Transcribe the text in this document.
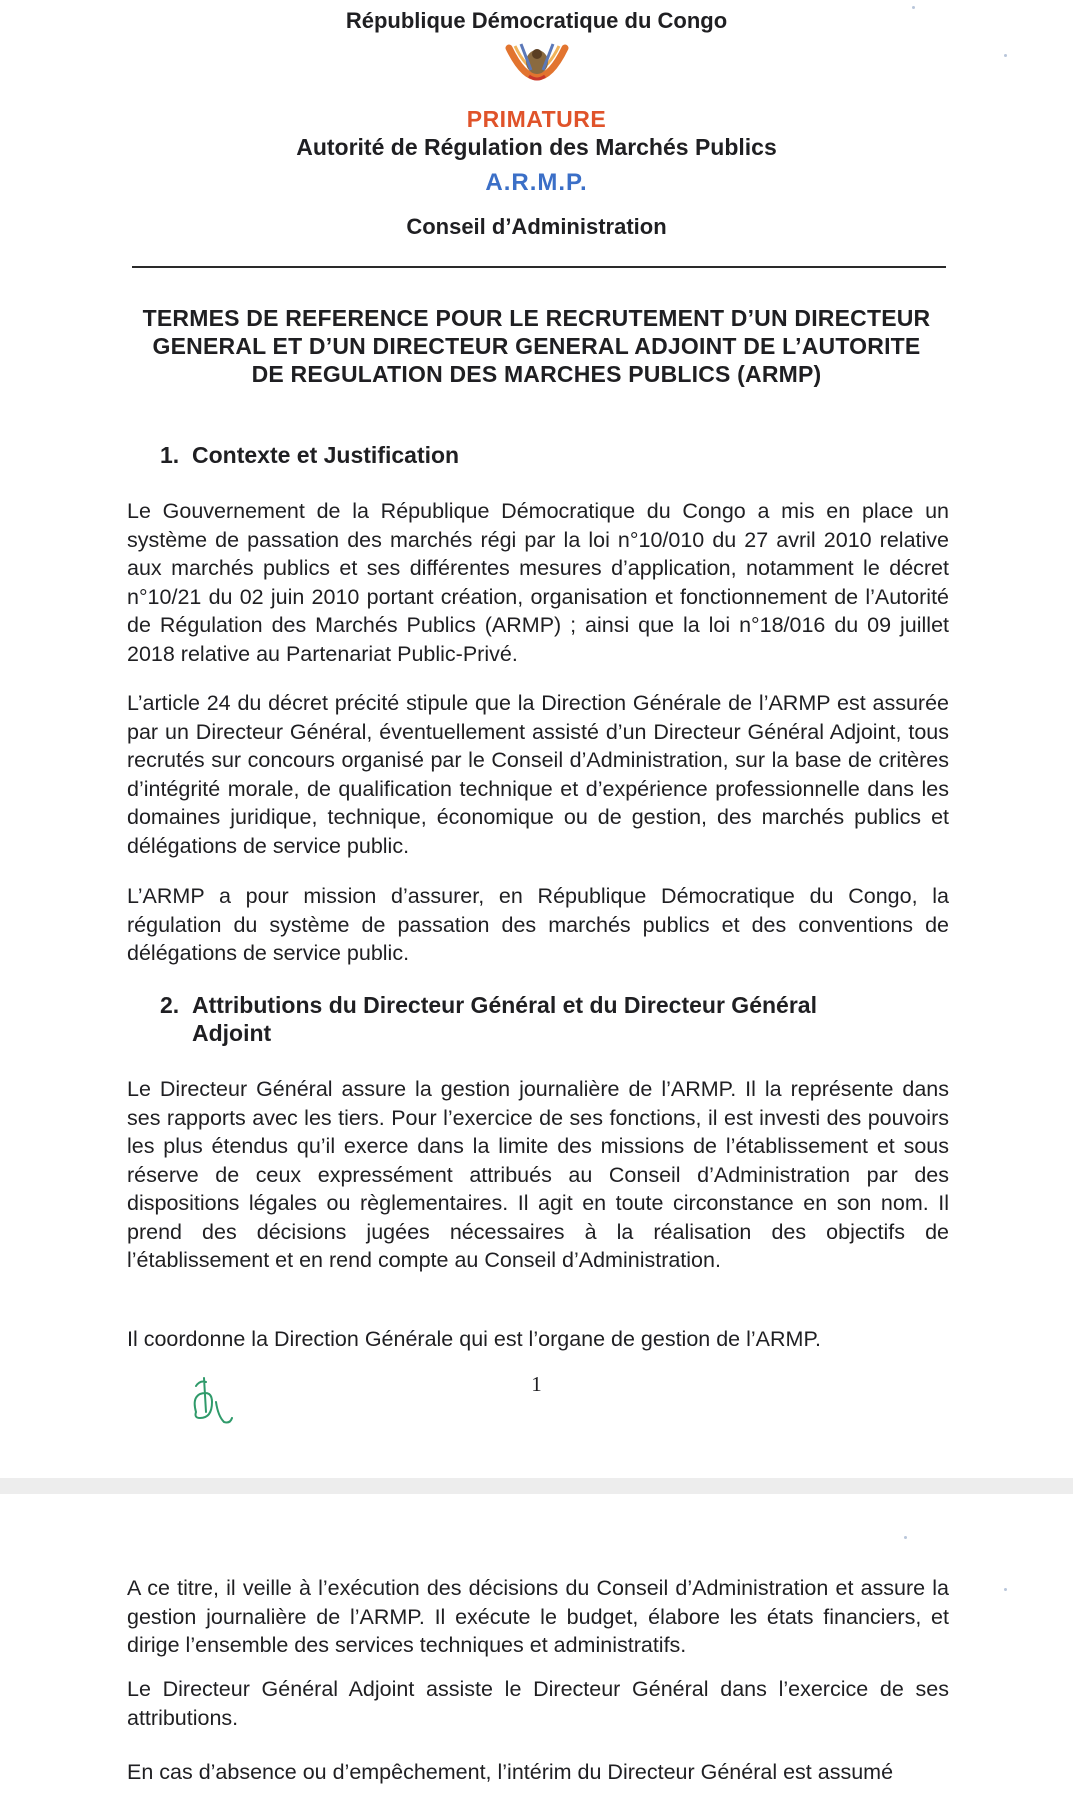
République Démocratique du Congo
PRIMATURE
Autorité de Régulation des Marchés Publics
A.R.M.P.
Conseil d’Administration
TERMES DE REFERENCE POUR LE RECRUTEMENT D’UN DIRECTEUR
GENERAL ET D’UN DIRECTEUR GENERAL ADJOINT DE L’AUTORITE
DE REGULATION DES MARCHES PUBLICS (ARMP)
1. Contexte et Justification

Le Gouvernement de la République Démocratique du Congo a mis en place un système de passation des marchés régi par la loi n°10/010 du 27 avril 2010 relative aux marchés publics et ses différentes mesures d’application, notamment le décret n°10/21 du 02 juin 2010 portant création, organisation et fonctionnement de l’Autorité de Régulation des Marchés Publics (ARMP) ; ainsi que la loi n°18/016 du 09 juillet 2018 relative au Partenariat Public-Privé.

L’article 24 du décret précité stipule que la Direction Générale de l’ARMP est assurée par un Directeur Général, éventuellement assisté d’un Directeur Général Adjoint, tous recrutés sur concours organisé par le Conseil d’Administration, sur la base de critères d’intégrité morale, de qualification technique et d’expérience professionnelle dans les domaines juridique, technique, économique ou de gestion, des marchés publics et délégations de service public.

L’ARMP a pour mission d’assurer, en République Démocratique du Congo, la régulation du système de passation des marchés publics et des conventions de délégations de service public.

2. Attributions du Directeur Général et du Directeur Général
Adjoint

Le Directeur Général assure la gestion journalière de l’ARMP. Il la représente dans ses rapports avec les tiers. Pour l’exercice de ses fonctions, il est investi des pouvoirs les plus étendus qu’il exerce dans la limite des missions de l’établissement et sous réserve de ceux expressément attribués au Conseil d’Administration par des dispositions légales ou règlementaires. Il agit en toute circonstance en son nom. Il prend des décisions jugées nécessaires à la réalisation des objectifs de l’établissement et en rend compte au Conseil d’Administration.

Il coordonne la Direction Générale qui est l’organe de gestion de l’ARMP.

1

A ce titre, il veille à l’exécution des décisions du Conseil d’Administration et assure la gestion journalière de l’ARMP. Il exécute le budget, élabore les états financiers, et dirige l’ensemble des services techniques et administratifs.

Le Directeur Général Adjoint assiste le Directeur Général dans l’exercice de ses attributions.

En cas d’absence ou d’empêchement, l’intérim du Directeur Général est assumé
